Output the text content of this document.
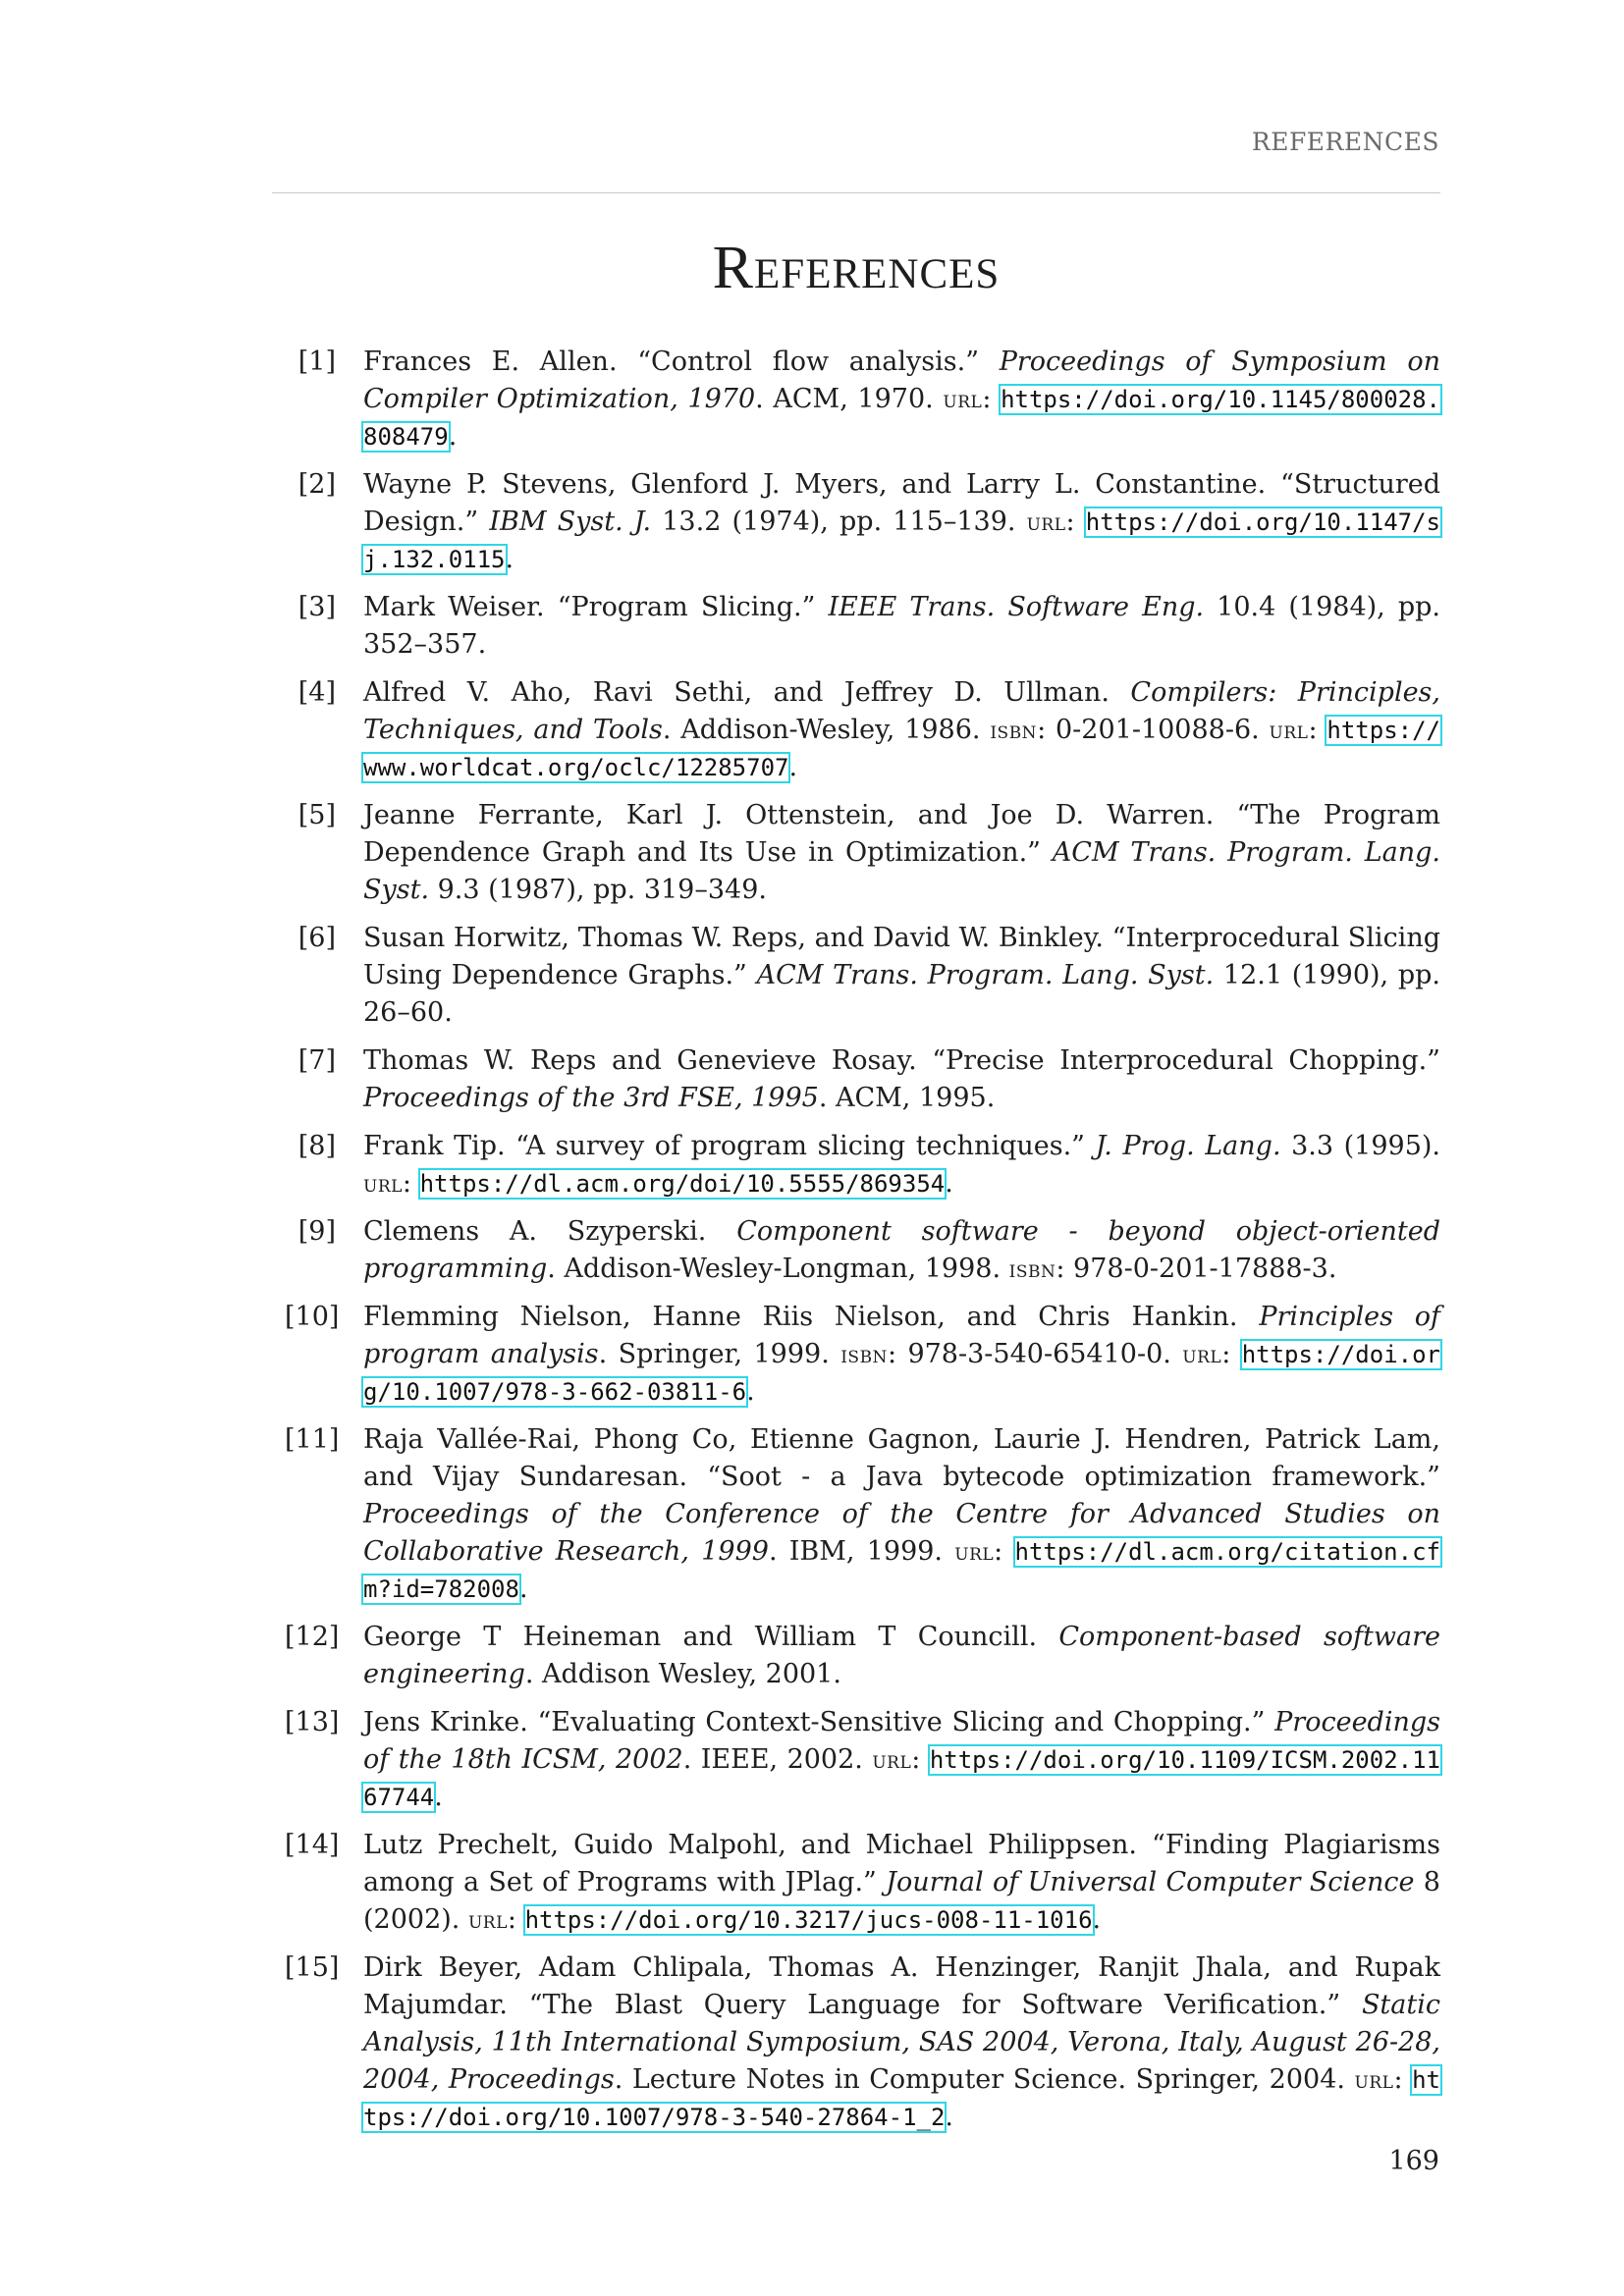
REFERENCES
References
[1] Frances E. Allen. “Control flow analysis.” Proceedings of Symposium on Compiler Optimization, 1970. ACM, 1970. url: https://doi.org/10.1145/800028.808479.
[2] Wayne P. Stevens, Glenford J. Myers, and Larry L. Constantine. “Structured Design.” IBM Syst. J. 13.2 (1974), pp. 115–139. url: https://doi.org/10.1147/sj.132.0115.
[3] Mark Weiser. “Program Slicing.” IEEE Trans. Software Eng. 10.4 (1984), pp. 352–357.
[4] Alfred V. Aho, Ravi Sethi, and Jeffrey D. Ullman. Compilers: Principles, Techniques, and Tools. Addison-Wesley, 1986. isbn: 0-201-10088-6. url: https://www.worldcat.org/oclc/12285707.
[5] Jeanne Ferrante, Karl J. Ottenstein, and Joe D. Warren. “The Program Dependence Graph and Its Use in Optimization.” ACM Trans. Program. Lang. Syst. 9.3 (1987), pp. 319–349.
[6] Susan Horwitz, Thomas W. Reps, and David W. Binkley. “Interprocedural Slicing Using Dependence Graphs.” ACM Trans. Program. Lang. Syst. 12.1 (1990), pp. 26–60.
[7] Thomas W. Reps and Genevieve Rosay. “Precise Interprocedural Chopping.” Proceedings of the 3rd FSE, 1995. ACM, 1995.
[8] Frank Tip. “A survey of program slicing techniques.” J. Prog. Lang. 3.3 (1995). url: https://dl.acm.org/doi/10.5555/869354.
[9] Clemens A. Szyperski. Component software - beyond object-oriented programming. Addison-Wesley-Longman, 1998. isbn: 978-0-201-17888-3.
[10] Flemming Nielson, Hanne Riis Nielson, and Chris Hankin. Principles of program analysis. Springer, 1999. isbn: 978-3-540-65410-0. url: https://doi.org/10.1007/978-3-662-03811-6.
[11] Raja Vallée-Rai, Phong Co, Etienne Gagnon, Laurie J. Hendren, Patrick Lam, and Vijay Sundaresan. “Soot - a Java bytecode optimization framework.” Proceedings of the Conference of the Centre for Advanced Studies on Collaborative Research, 1999. IBM, 1999. url: https://dl.acm.org/citation.cfm?id=782008.
[12] George T Heineman and William T Councill. Component-based software engineering. Addison Wesley, 2001.
[13] Jens Krinke. “Evaluating Context-Sensitive Slicing and Chopping.” Proceedings of the 18th ICSM, 2002. IEEE, 2002. url: https://doi.org/10.1109/ICSM.2002.1167744.
[14] Lutz Prechelt, Guido Malpohl, and Michael Philippsen. “Finding Plagiarisms among a Set of Programs with JPlag.” Journal of Universal Computer Science 8 (2002). url: https://doi.org/10.3217/jucs-008-11-1016.
[15] Dirk Beyer, Adam Chlipala, Thomas A. Henzinger, Ranjit Jhala, and Rupak Majumdar. “The Blast Query Language for Software Verification.” Static Analysis, 11th International Symposium, SAS 2004, Verona, Italy, August 26-28, 2004, Proceedings. Lecture Notes in Computer Science. Springer, 2004. url: https://doi.org/10.1007/978-3-540-27864-1_2.
169
